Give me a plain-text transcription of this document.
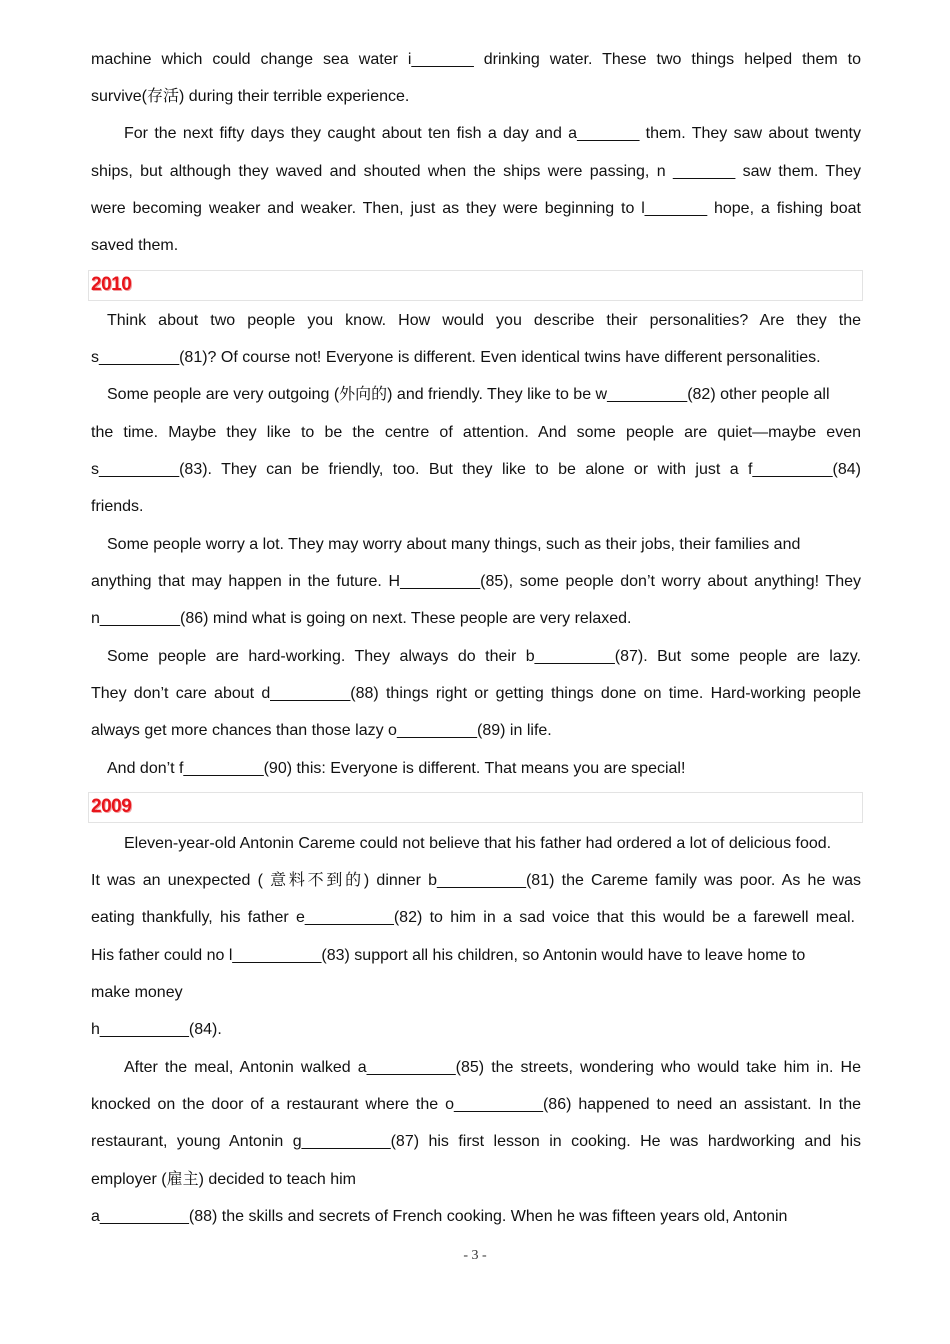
machine which could change sea water i_______ drinking water. These two things helped them to
survive(存活) during their terrible experience.
For the next fifty days they caught about ten fish a day and a_______ them. They saw about twenty
ships, but although they waved and shouted when the ships were passing, n _______ saw them. They
were becoming weaker and weaker. Then, just as they were beginning to l_______ hope, a fishing boat
saved them.
2010
Think about two people you know. How would you describe their personalities? Are they the
s_________(81)? Of course not! Everyone is different. Even identical twins have different personalities.
Some people are very outgoing (外向的) and friendly. They like to be w_________(82) other people all
the time. Maybe they like to be the centre of attention. And some people are quiet—maybe even
s_________(83). They can be friendly, too. But they like to be alone or with just a f_________(84)
friends.
Some people worry a lot. They may worry about many things, such as their jobs, their families and
anything that may happen in the future. H_________(85), some people don’t worry about anything! They
n_________(86) mind what is going on next. These people are very relaxed.
Some people are hard-working. They always do their b_________(87). But some people are lazy.
They don’t care about d_________(88) things right or getting things done on time. Hard-working people
always get more chances than those lazy o_________(89) in life.
And don’t f_________(90) this: Everyone is different. That means you are special!
2009
Eleven-year-old Antonin Careme could not believe that his father had ordered a lot of delicious food.
It was an unexpected ( 意料不到的) dinner b__________(81) the Careme family was poor. As he was
eating thankfully, his father e__________(82) to him in a sad voice that this would be a farewell meal.
His father could no l__________(83) support all his children, so Antonin would have to leave home to
make money
h__________(84).
After the meal, Antonin walked a__________(85) the streets, wondering who would take him in. He
knocked on the door of a restaurant where the o__________(86) happened to need an assistant. In the
restaurant, young Antonin g__________(87) his first lesson in cooking. He was hardworking and his
employer (雇主) decided to teach him
a__________(88) the skills and secrets of French cooking. When he was fifteen years old, Antonin
- 3 -
